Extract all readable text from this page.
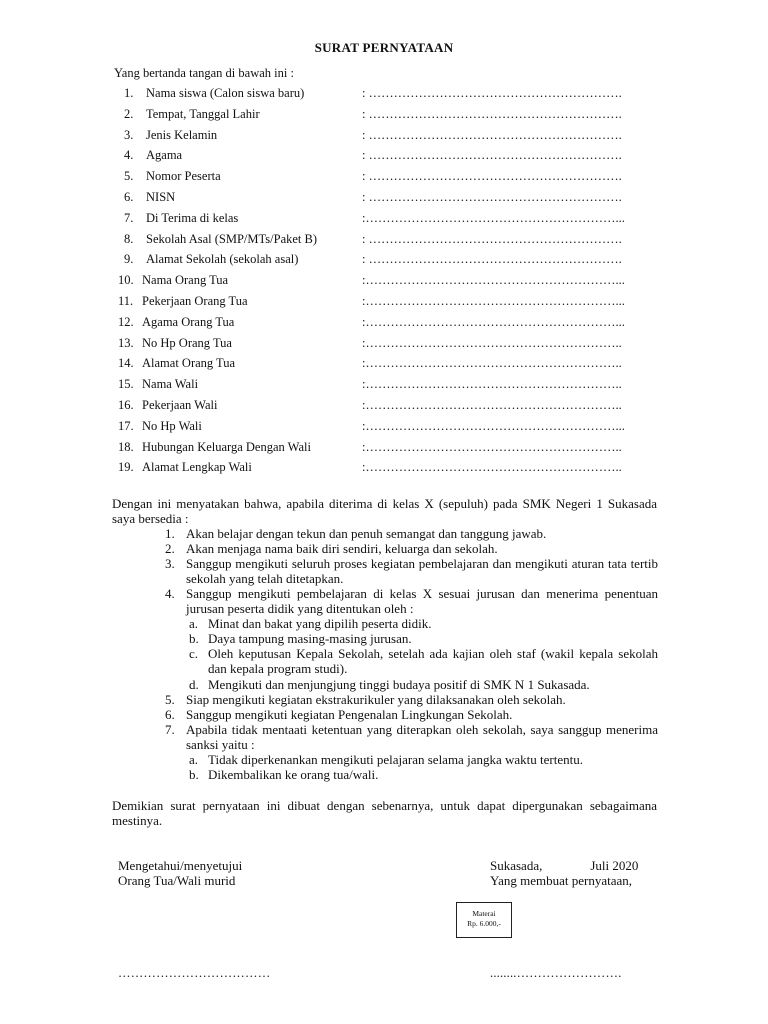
SURAT PERNYATAAN
Yang bertanda tangan di bawah ini :
1. Nama siswa (Calon siswa baru)	: …………………………………………………….
2. Tempat, Tanggal Lahir	: …………………………………………………….
3. Jenis Kelamin	: …………………………………………………….
4. Agama	: …………………………………………………….
5. Nomor Peserta	: …………………………………………………….
6. NISN	: …………………………………………………….
7. Di Terima di kelas	:……………………………………………………...
8. Sekolah Asal (SMP/MTs/Paket B)	: …………………………………………………….
9. Alamat Sekolah (sekolah asal)	: …………………………………………………….
10. Nama Orang Tua	:……………………………………………………...
11. Pekerjaan Orang Tua	:……………………………………………………...
12. Agama Orang Tua	:……………………………………………………...
13. No Hp Orang Tua	:……………………………………………………..
14. Alamat Orang Tua	:……………………………………………………..
15. Nama Wali	:……………………………………………………..
16. Pekerjaan Wali	:……………………………………………………..
17. No Hp Wali	:……………………………………………………...
18. Hubungan Keluarga Dengan Wali	:……………………………………………………..
19. Alamat Lengkap Wali	:……………………………………………………..
Dengan ini menyatakan bahwa, apabila diterima di kelas X (sepuluh) pada SMK Negeri 1 Sukasada saya bersedia :
1. Akan belajar dengan tekun dan penuh semangat dan tanggung jawab.
2. Akan menjaga nama baik diri sendiri, keluarga dan sekolah.
3. Sanggup mengikuti seluruh proses kegiatan pembelajaran dan mengikuti aturan tata tertib sekolah yang telah ditetapkan.
4. Sanggup mengikuti pembelajaran di kelas X sesuai jurusan dan menerima penentuan jurusan peserta didik yang ditentukan oleh :
a. Minat dan bakat yang dipilih peserta didik.
b. Daya tampung masing-masing jurusan.
c. Oleh keputusan Kepala Sekolah, setelah ada kajian oleh staf (wakil kepala sekolah dan kepala program studi).
d. Mengikuti dan menjungjung tinggi budaya positif di SMK N 1 Sukasada.
5. Siap mengikuti kegiatan ekstrakurikuler yang dilaksanakan oleh sekolah.
6. Sanggup mengikuti kegiatan Pengenalan Lingkungan Sekolah.
7. Apabila tidak mentaati ketentuan yang diterapkan oleh sekolah, saya sanggup menerima sanksi yaitu :
a. Tidak diperkenankan mengikuti pelajaran selama jangka waktu tertentu.
b. Dikembalikan ke orang tua/wali.
Demikian surat pernyataan ini dibuat dengan sebenarnya, untuk dapat dipergunakan sebagaimana mestinya.
Mengetahui/menyetujui
Orang Tua/Wali murid
Sukasada,	Juli 2020
Yang membuat pernyataan,
Materai
Rp. 6.000,-
………………………………	........…………………….
